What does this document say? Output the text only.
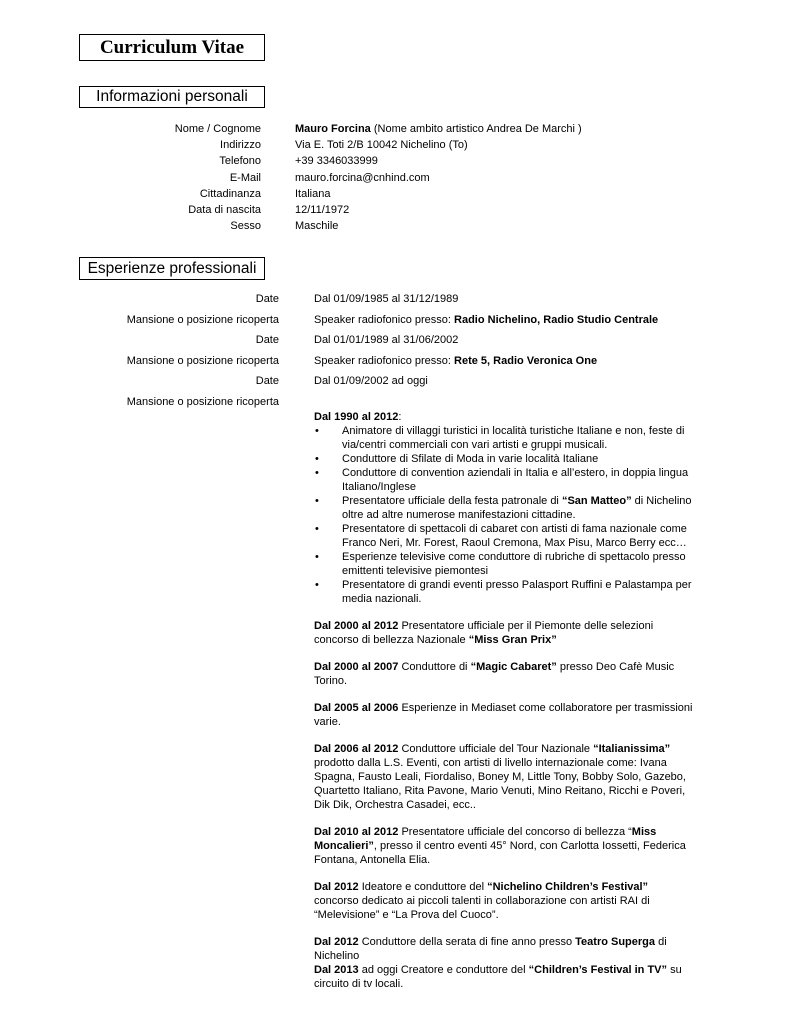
Curriculum Vitae
Informazioni personali
Nome / Cognome
Indirizzo
Telefono
E-Mail
Cittadinanza
Data di nascita
Sesso
Mauro Forcina (Nome ambito artistico Andrea De Marchi )
Via E. Toti 2/B 10042 Nichelino (To)
+39 3346033999
mauro.forcina@cnhind.com
Italiana
12/11/1972
Maschile
Esperienze professionali
Date
Mansione o posizione ricoperta
Date
Mansione o posizione ricoperta
Date
Mansione o posizione ricoperta
Dal 01/09/1985 al 31/12/1989
Speaker radiofonico presso: Radio Nichelino, Radio Studio Centrale
Dal 01/01/1989 al 31/06/2002
Speaker radiofonico presso: Rete 5, Radio Veronica One
Dal 01/09/2002 ad oggi
Dal 1990 al 2012:
• Animatore di villaggi turistici in località turistiche Italiane e non, feste di via/centri commerciali con vari artisti e gruppi musicali.
• Conduttore di Sfilate di Moda in varie località Italiane
• Conduttore di convention aziendali in Italia e all’estero, in doppia lingua Italiano/Inglese
• Presentatore ufficiale della festa patronale di “San Matteo” di Nichelino oltre ad altre numerose manifestazioni cittadine.
• Presentatore di spettacoli di cabaret con artisti di fama nazionale come Franco Neri, Mr. Forest, Raoul Cremona, Max Pisu, Marco Berry ecc…
• Esperienze televisive come conduttore di rubriche di spettacolo presso emittenti televisive piemontesi
• Presentatore di grandi eventi presso Palasport Ruffini e Palastampa per media nazionali.

Dal 2000 al 2012 Presentatore ufficiale per il Piemonte delle selezioni concorso di bellezza Nazionale “Miss Gran Prix”

Dal 2000 al 2007 Conduttore di “Magic Cabaret” presso Deo Cafè Music Torino.

Dal 2005 al 2006 Esperienze in Mediaset come collaboratore per trasmissioni varie.

Dal 2006 al 2012 Conduttore ufficiale del Tour Nazionale “Italianissima” prodotto dalla L.S. Eventi, con artisti di livello internazionale come: Ivana Spagna, Fausto Leali, Fiordaliso, Boney M, Little Tony, Bobby Solo, Gazebo, Quartetto Italiano, Rita Pavone, Mario Venuti, Mino Reitano, Ricchi e Poveri, Dik Dik, Orchestra Casadei, ecc..

Dal 2010 al 2012 Presentatore ufficiale del concorso di bellezza “Miss Moncalieri”, presso il centro eventi 45° Nord, con Carlotta Iossetti, Federica Fontana, Antonella Elia.

Dal 2012 Ideatore e conduttore del “Nichelino Children’s Festival” concorso dedicato ai piccoli talenti in collaborazione con artisti RAI di “Melevisione” e “La Prova del Cuoco”.

Dal 2012 Conduttore della serata di fine anno presso Teatro Superga di Nichelino
Dal 2013 ad oggi Creatore e conduttore del “Children’s Festival in TV” su circuito di tv locali.
